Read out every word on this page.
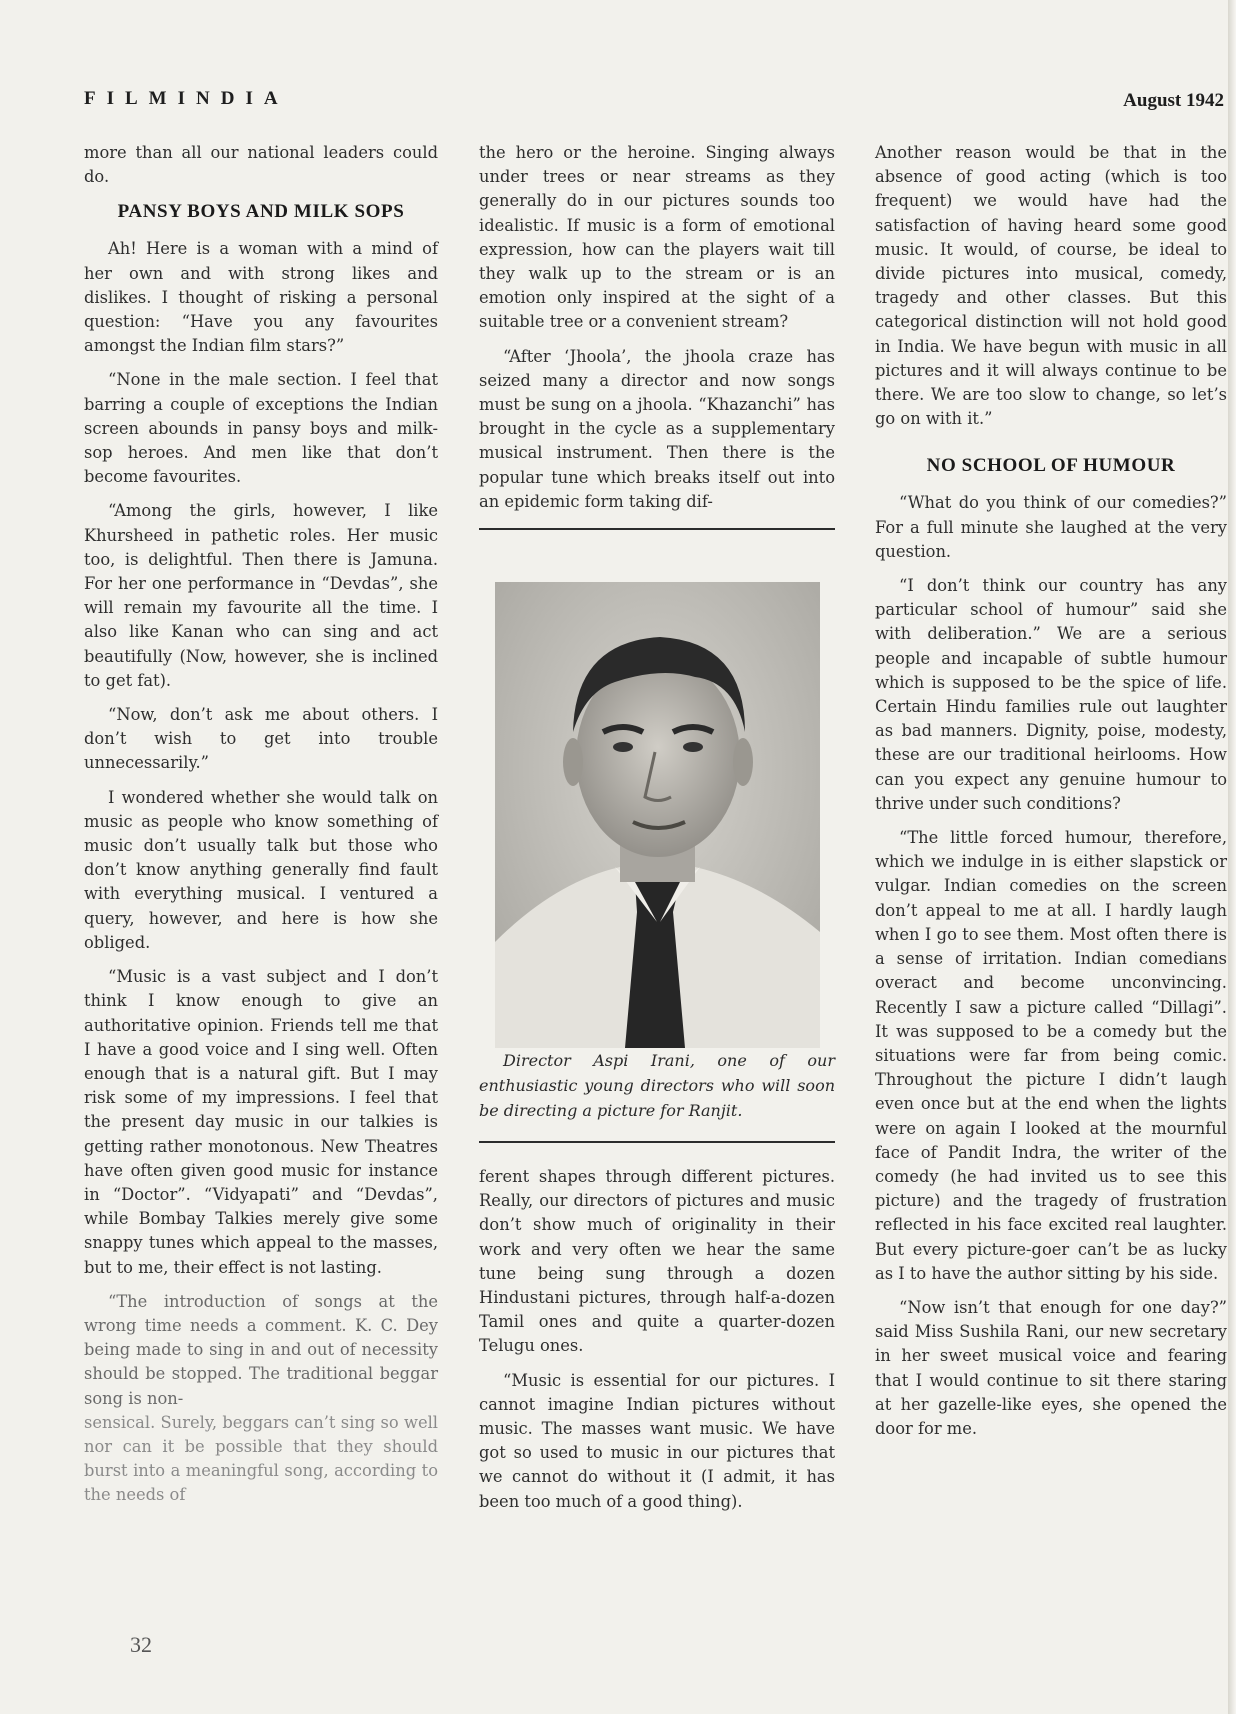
FILMINDIA	August 1942

more than all our national leaders could do.

PANSY BOYS AND MILK SOPS

Ah! Here is a woman with a mind of her own and with strong likes and dislikes. I thought of risking a personal question: “Have you any favourites amongst the Indian film stars?”

“None in the male section. I feel that barring a couple of exceptions the Indian screen abounds in pansy boys and milk-sop heroes. And men like that don’t become favourites.

“Among the girls, however, I like Khursheed in pathetic roles. Her music too, is delightful. Then there is Jamuna. For her one performance in “Devdas”, she will remain my favourite all the time. I also like Kanan who can sing and act beautifully (Now, however, she is inclined to get fat).

“Now, don’t ask me about others. I don’t wish to get into trouble unnecessarily.”

I wondered whether she would talk on music as people who know something of music don’t usually talk but those who don’t know anything generally find fault with everything musical. I ventured a query, however, and here is how she obliged.

“Music is a vast subject and I don’t think I know enough to give an authoritative opinion. Friends tell me that I have a good voice and I sing well. Often enough that is a natural gift. But I may risk some of my impressions. I feel that the present day music in our talkies is getting rather monotonous. New Theatres have often given good music for instance in “Doctor”. “Vidyapati” and “Devdas”, while Bombay Talkies merely give some snappy tunes which appeal to the masses, but to me, their effect is not lasting.

“The introduction of songs at the wrong time needs a comment. K. C. Dey being made to sing in and out of necessity should be stopped. The traditional beggar song is non-

sensical. Surely, beggars can’t sing so well nor can it be possible that they should burst into a meaningful song, according to the needs of

the hero or the heroine. Singing always under trees or near streams as they generally do in our pictures sounds too idealistic. If music is a form of emotional expression, how can the players wait till they walk up to the stream or is an emotion only inspired at the sight of a suitable tree or a convenient stream?

“After ‘Jhoola’, the jhoola craze has seized many a director and now songs must be sung on a jhoola. “Khazanchi” has brought in the cycle as a supplementary musical instrument. Then there is the popular tune which breaks itself out into an epidemic form taking dif-

Director Aspi Irani, one of our enthusiastic young directors who will soon be directing a picture for Ranjit.

ferent shapes through different pictures. Really, our directors of pictures and music don’t show much of originality in their work and very often we hear the same tune being sung through a dozen Hindustani pictures, through half-a-dozen Tamil ones and quite a quarter-dozen Telugu ones.

“Music is essential for our pictures. I cannot imagine Indian pictures without music. The masses want music. We have got so used to music in our pictures that we cannot do without it (I admit, it has been too much of a good thing).

Another reason would be that in the absence of good acting (which is too frequent) we would have had the satisfaction of having heard some good music. It would, of course, be ideal to divide pictures into musical, comedy, tragedy and other classes. But this categorical distinction will not hold good in India. We have begun with music in all pictures and it will always continue to be there. We are too slow to change, so let’s go on with it.”

NO SCHOOL OF HUMOUR

“What do you think of our comedies?” For a full minute she laughed at the very question.

“I don’t think our country has any particular school of humour” said she with deliberation.” We are a serious people and incapable of subtle humour which is supposed to be the spice of life. Certain Hindu families rule out laughter as bad manners. Dignity, poise, modesty, these are our traditional heirlooms. How can you expect any genuine humour to thrive under such conditions?

“The little forced humour, therefore, which we indulge in is either slapstick or vulgar. Indian comedies on the screen don’t appeal to me at all. I hardly laugh when I go to see them. Most often there is a sense of irritation. Indian comedians overact and become unconvincing. Recently I saw a picture called “Dillagi”. It was supposed to be a comedy but the situations were far from being comic. Throughout the picture I didn’t laugh even once but at the end when the lights were on again I looked at the mournful face of Pandit Indra, the writer of the comedy (he had invited us to see this picture) and the tragedy of frustration reflected in his face excited real laughter. But every picture-goer can’t be as lucky as I to have the author sitting by his side.

“Now isn’t that enough for one day?” said Miss Sushila Rani, our new secretary in her sweet musical voice and fearing that I would continue to sit there staring at her gazelle-like eyes, she opened the door for me.

32
